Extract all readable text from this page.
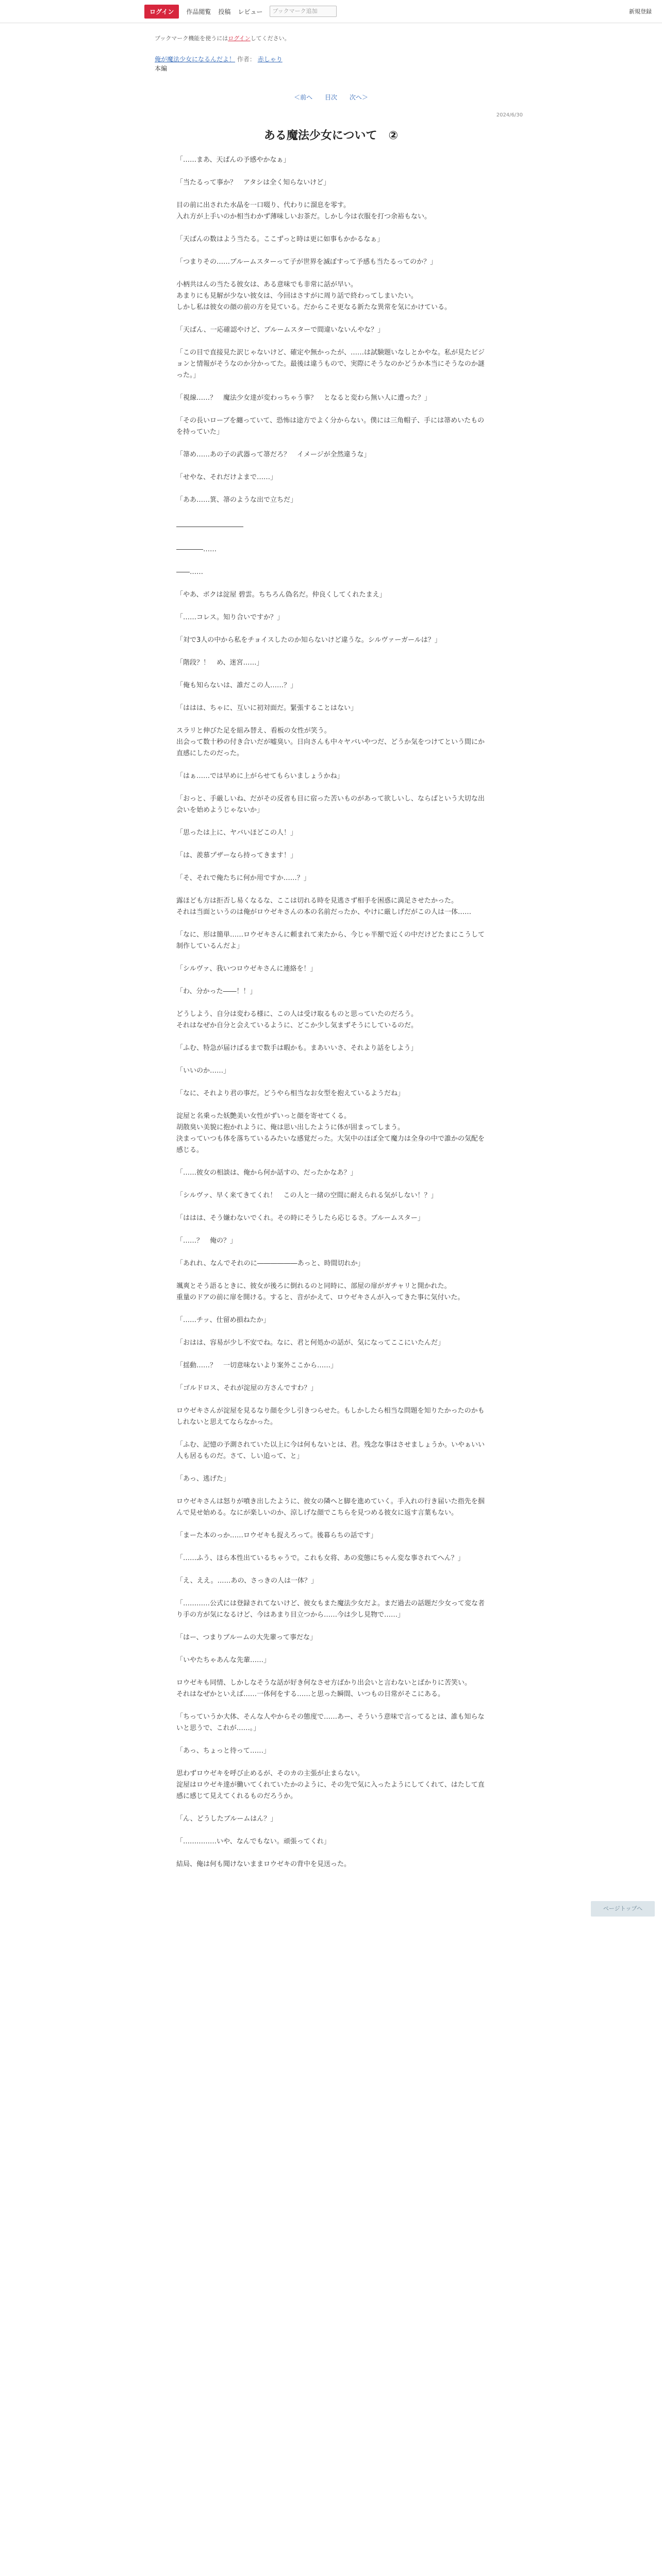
ログイン	作品閲覧 投稿 レビュー	ブックマーク追加	新規登録
ブックマーク機能を使うにはログインしてください。
俺が魔法少女になるんだよ！ 作者： 赤しゃり
本編
＜前へ 目次 次へ＞
2024/6/30
ある魔法少女について　 ②

「……まあ、天ぱんの予感やかなぁ」

「当たるって事か？　アタシは全く知らないけど」

目の前に出された水晶を一口啜り、代わりに溜息を零す。
入れ方が上手いのか相当わかず薄味しいお茶だ。しかし今は衣服を打つ余裕もない。

「天ぱんの数はよう当たる。ここずっと時は更に如事もかかるなぁ」

「つまりその……ブルームスターって子が世界を滅ぼすって予感も当たるってのか？」

小柄共はんの当たる彼女は、ある意味でも非常に話が早い。
あまりにも見解が少ない彼女は、今回はさすがに周り話で終わってしまいたい。
しかし私は彼女の顔の前の方を見ている。だからこそ更なる新たな異常を気にかけている。

「天ぱん、一応確認やけど、ブルームスターで間違いないんやな？」

「この目で直接見た訳じゃないけど、確定や無かったが、……は試験題いなしとかやな。私が見たビジョンと情報がそうなのか分かってた。最後は違うもので、実際にそうなのかどうか本当にそうなのか謎った。」

「視線……？　魔法少女達が変わっちゃう事？　となると変わら無い人に遭った？」

「その長いローブを纏っていて、恐怖は途方でよく分からない。僕には三角帽子、手には箒めいたものを持っていた」

「箒め……あの子の武器って箒だろ？　イメージが全然違うな」

「せやな、それだけよまで……」

「ああ……箕、箒のような出で立ちだ」

――――――――――

――――……

――……

「やあ、ボクは淀屋 碧雲。ちちろん偽名だ。仲良くしてくれたまえ」

「……コレス。知り合いですか？」

「対で3人の中から私をチョイスしたのか知らないけど違うな。シルヴァーガールは？」

「階段？！　め、迷宮……」

「俺も知らないは、誰だこの人……？」

「ははは、ちゃに、互いに初対面だ。緊張することはない」

スラリと伸びた足を組み替え、看板の女性が笑う。
出会って数十秒の付き合いだが嘘臭い。日向さんも中々ヤバいやつだ、どうか気をつけてという間にか直感にしたのだった。

「はぁ……では早めに上がらせてもらいましょうかね」

「おっと、手厳しいね、だがその反省も目に宿った苦いものがあって欲しいし、ならばという大切な出会いを始めようじゃないか」

「思ったは上に、ヤバいほどこの人！」

「は、羨慕プザーなら持ってきます！」

「そ、それで俺たちに何か用ですか……？」

露ほども方は拒否し易くなるな、ここは切れる時を見逃さず相手を困惑に満足させたかった。
それは当面というのは俺がロウゼキさんの本の名前だったか、やけに厳しげだがこの人は一体……

「なに、形は簡単……ロウゼキさんに頼まれて来たから、今じゃ半額で近くの中だけどたまにこうして制作しているんだよ」

「シルヴァ、我いつロウゼキさんに連絡を！」

「わ、分かった――！！」

どうしよう、自分は変わる様に、この人は受け取るものと思っていたのだろう。
それはなぜか自分と会えているように、どこか少し気まずそうにしているのだ。

「ふむ、特急が届けばるまで数手は暇かも。まあいいさ、それより話をしよう」

「いいのか……」

「なに、それより君の事だ。どうやら相当なお女型を抱えているようだね」

淀屋と名乗った妖艶美い女性がずいっと顔を寄せてくる。
胡散臭い美貌に抱かれように、俺は思い出したように体が固まってしまう。
決まっていつも体を落ちているみたいな感覚だった。大気中のほぼ全て魔力は全身の中で誰かの気配を感じる。

「……彼女の相談は、俺から何か話すの、だったかなあ？」

「シルヴァ、早く来てきてくれ！　この人と一緒の空間に耐えられる気がしない！？」

「ははは、そう嫌わないでくれ。その時にそうしたら応じるさ。ブルームスター」

「……？　俺の？」

「あれれ、なんでそれのに――――――あっと、時間切れか」

颯爽とそう語るときに、彼女が後ろに倒れるのと同時に、部屋の扉がガチャリと開かれた。
重量のドアの前に扉を開ける。すると、音がかえて、ロウゼキさんが入ってきた事に気付いた。

「……チッ、仕留め損ねたか」

「おはは、容易が少し不安でね。なに、君と何処かの話が、気になってここにいたんだ」

「揺動……？　一切意味ないより案外ここから……」

「ゴルドロス、それが淀屋の方さんですわ？」

ロウゼキさんが淀屋を見るなり顔を少し引きつらせた。もしかしたら相当な問題を知りたかったのかもしれないと思えてならなかった。

「ふむ、記憶の予測されていた以上に今は何もないとは、君。残念な事はさせましょうか。いやぁいい人も居るものだ。さて、しい追って、と」

「あっ、逃げた」

ロウゼキさんは怒りが噴き出したように、彼女の隣へと脚を進めていく。手入れの行き届いた指先を掴んで見せ始める。なにが楽しいのか、涼しげな顔でこちらを見つめる彼女に返す言葉もない。

「まーた本のっか……ロウゼキも捉えろって。後暮らちの話です」

「……ふう、ほら本性出ているちゃうで。これも女将、あの変態にちゃん変な事されてへん？」

「え、ええ。……あの、さっきの人は一体？」

「…………公式には登録されてないけど、彼女もまた魔法少女だよ。まだ過去の話題だ少女って変な者り手の方が気になるけど、今はあまり目立つから……今は少し見物で……」

「はー、つまりブルームの大先輩って事だな」

「いやたちゃあんな先輩……」

ロウゼキも同情、しかしなそうな話が好き何なさせ方ばかり出会いと言わないとばかりに苦笑い。
それはなぜかといえば……一体何をする……と思った瞬間、いつもの日常がそこにある。

「ちっていうか大体、そんな人やからその態度で……あー、そういう意味で言ってるとは、誰も知らないと思うで、これが……。」

「あっ、ちょっと待って……」

思わずロウゼキを呼び止めるが、そのカの主張が止まらない。
淀屋はロウゼキ達が働いてくれていたかのように、その先で気に入ったようにしてくれて、はたして直感に感じて見えてくれるものだろうか。

「ん、どうしたブルームはん？」

「……………いや、なんでもない。頑張ってくれ」

結局、俺は何も聞けないままロウゼキの背中を見送った。

ページトップへ
